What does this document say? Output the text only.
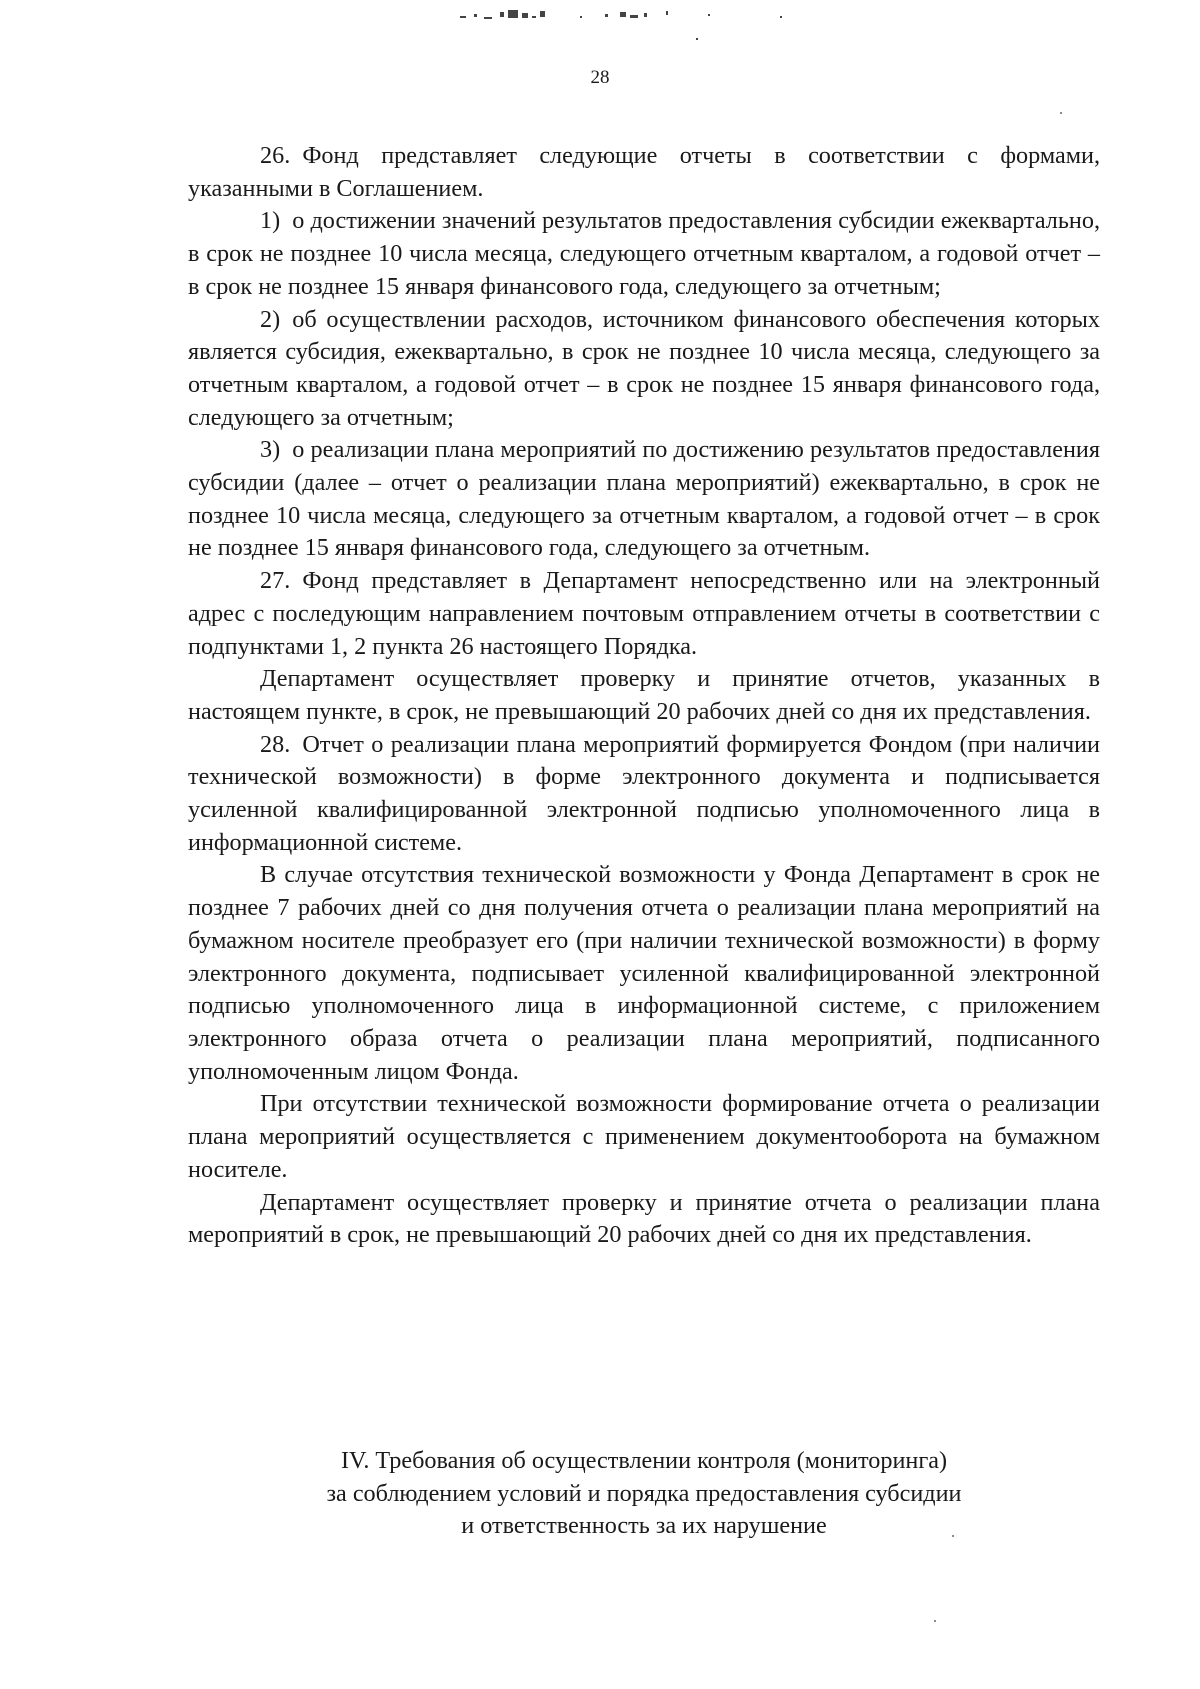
28

26. Фонд представляет следующие отчеты в соответствии с формами, указанными в Соглашением.

1) о достижении значений результатов предоставления субсидии ежеквартально, в срок не позднее 10 числа месяца, следующего отчетным кварталом, а годовой отчет – в срок не позднее 15 января финансового года, следующего за отчетным;

2) об осуществлении расходов, источником финансового обеспечения которых является субсидия, ежеквартально, в срок не позднее 10 числа месяца, следующего за отчетным кварталом, а годовой отчет – в срок не позднее 15 января финансового года, следующего за отчетным;

3) о реализации плана мероприятий по достижению результатов предоставления субсидии (далее – отчет о реализации плана мероприятий) ежеквартально, в срок не позднее 10 числа месяца, следующего за отчетным кварталом, а годовой отчет – в срок не позднее 15 января финансового года, следующего за отчетным.

27. Фонд представляет в Департамент непосредственно или на электронный адрес с последующим направлением почтовым отправлением отчеты в соответствии с подпунктами 1, 2 пункта 26 настоящего Порядка.

Департамент осуществляет проверку и принятие отчетов, указанных в настоящем пункте, в срок, не превышающий 20 рабочих дней со дня их представления.

28. Отчет о реализации плана мероприятий формируется Фондом (при наличии технической возможности) в форме электронного документа и подписывается усиленной квалифицированной электронной подписью уполномоченного лица в информационной системе.

В случае отсутствия технической возможности у Фонда Департамент в срок не позднее 7 рабочих дней со дня получения отчета о реализации плана мероприятий на бумажном носителе преобразует его (при наличии технической возможности) в форму электронного документа, подписывает усиленной квалифицированной электронной подписью уполномоченного лица в информационной системе, с приложением электронного образа отчета о реализации плана мероприятий, подписанного уполномоченным лицом Фонда.

При отсутствии технической возможности формирование отчета о реализации плана мероприятий осуществляется с применением документооборота на бумажном носителе.

Департамент осуществляет проверку и принятие отчета о реализации плана мероприятий в срок, не превышающий 20 рабочих дней со дня их представления.

IV. Требования об осуществлении контроля (мониторинга)
за соблюдением условий и порядка предоставления субсидии
и ответственность за их нарушение
